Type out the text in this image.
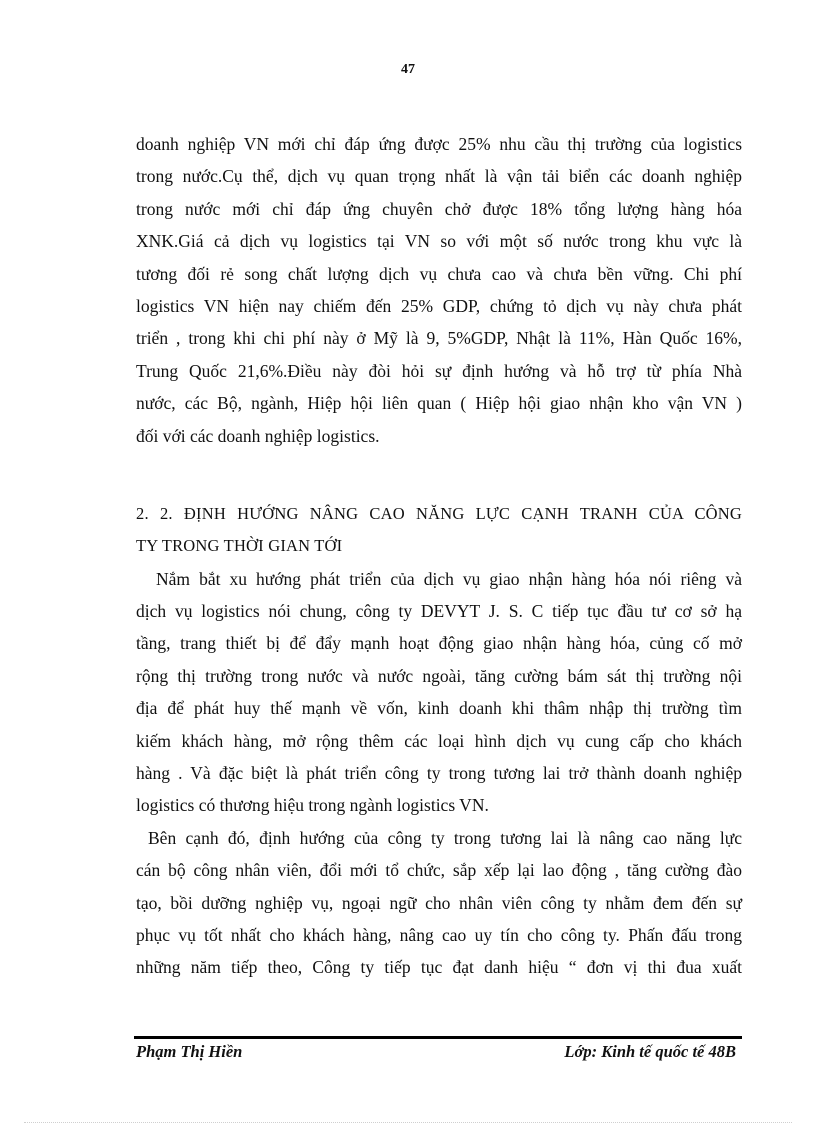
47
doanh nghiệp VN mới chỉ đáp ứng được 25% nhu cầu thị trường của logistics
trong nước.Cụ thể, dịch vụ quan trọng nhất là vận tải biển các doanh nghiệp
trong nước mới chỉ đáp ứng chuyên chở được 18% tổng lượng hàng hóa
XNK.Giá cả dịch vụ logistics tại VN so với một số nước trong khu vực là
tương đối rẻ song chất lượng dịch vụ chưa cao và chưa bền vững. Chi phí
logistics VN hiện nay chiếm đến 25% GDP, chứng tỏ dịch vụ này chưa phát
triển , trong khi chi phí này ở Mỹ là 9, 5%GDP, Nhật là 11%, Hàn Quốc 16%,
Trung Quốc 21,6%.Điều này đòi hỏi sự định hướng và hỗ trợ từ phía Nhà
nước, các Bộ, ngành, Hiệp hội liên quan ( Hiệp hội giao nhận kho vận VN )
đối với các doanh nghiệp logistics.
2. 2. ĐỊNH HƯỚNG NÂNG CAO NĂNG LỰC CẠNH TRANH CỦA CÔNG
TY TRONG THỜI GIAN TỚI
Nắm bắt xu hướng phát triển của dịch vụ giao nhận hàng hóa nói riêng và
dịch vụ logistics nói chung, công ty DEVYT J. S. C tiếp tục đầu tư cơ sở hạ
tầng, trang thiết bị để đẩy mạnh hoạt động giao nhận hàng hóa, củng cố mở
rộng thị trường trong nước và nước ngoài, tăng cường bám sát thị trường nội
địa để phát huy thế mạnh về vốn, kinh doanh khi thâm nhập thị trường tìm
kiếm khách hàng, mở rộng thêm các loại hình dịch vụ cung cấp cho khách
hàng . Và đặc biệt là phát triển công ty trong tương lai trở thành doanh nghiệp
logistics có thương hiệu trong ngành logistics VN.
Bên cạnh đó, định hướng của công ty trong tương lai là nâng cao năng lực
cán bộ công nhân viên, đổi mới tổ chức, sắp xếp lại lao động , tăng cường đào
tạo, bồi dưỡng nghiệp vụ, ngoại ngữ cho nhân viên công ty nhằm đem đến sự
phục vụ tốt nhất cho khách hàng, nâng cao uy tín cho công ty. Phấn đấu trong
những năm tiếp theo, Công ty tiếp tục đạt danh hiệu “ đơn vị thi đua xuất
Phạm Thị Hiền	Lớp: Kinh tế quốc tế 48B
